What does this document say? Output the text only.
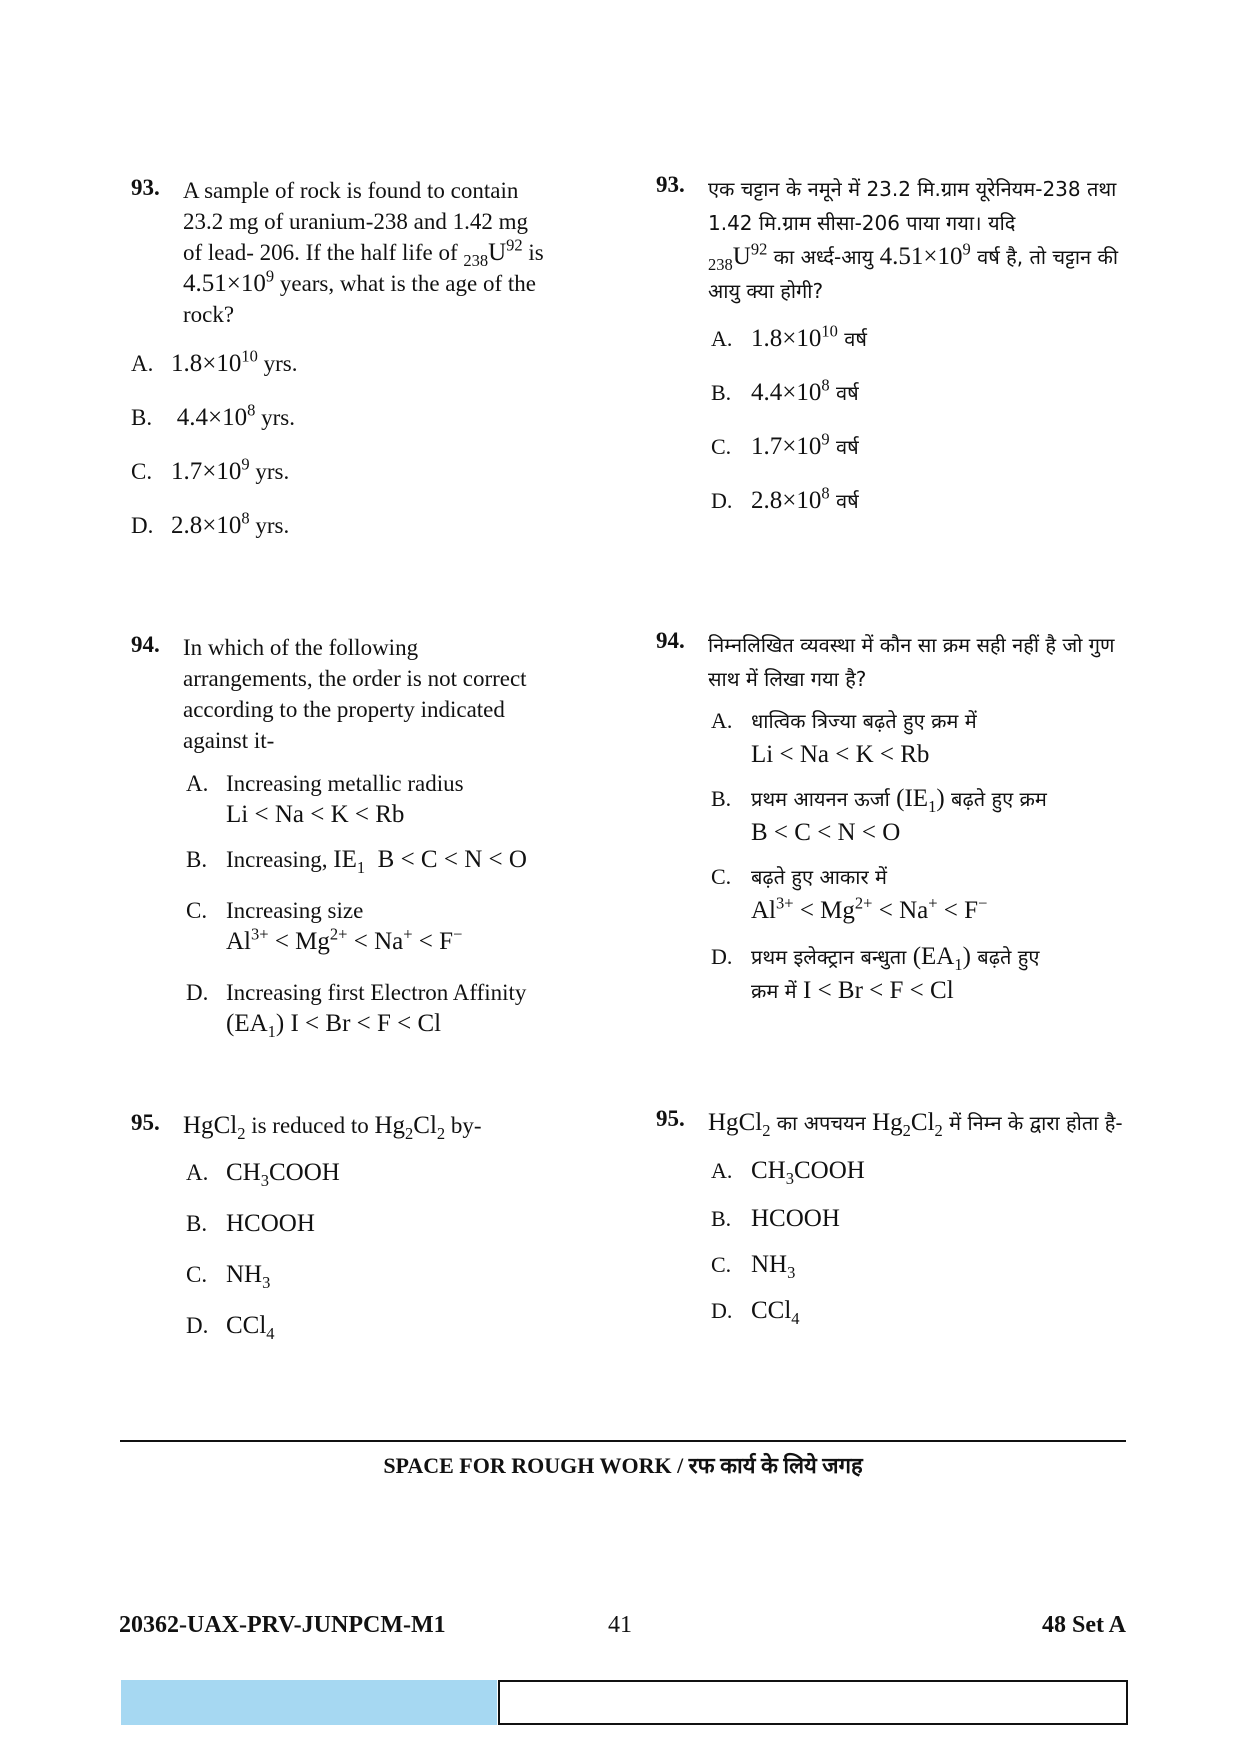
93. A sample of rock is found to contain 23.2 mg of uranium-238 and 1.42 mg of lead- 206. If the half life of $_{238}U^{92}$ is
$4.51\times 10^9$ years, what is the age of the rock?
A. $1.8\times 10^{10}$ yrs.
B. $4.4\times 10^8$ yrs.
C. $1.7\times 10^9$ yrs.
D. $2.8\times 10^8$ yrs.
94. In which of the following arrangements, the order is not correct according to the property indicated against it-
A. Increasing metallic radius
Li < Na < K < Rb
B. Increasing, $IE_1$ B < C < N < O
C. Increasing size
$Al^{3+} < Mg^{2+} < Na^+ < F^-$
D. Increasing first Electron Affinity
$(EA_1) I < Br < F < Cl$
95. HgCl$_2$ is reduced to $Hg_2Cl_2$ by-
A. $CH_3COOH$
B. HCOOH
C. $NH_3$
D. CCl$_4$
93. एक चट्टान के नमूने में 23.2 मि.ग्राम यूरेनियम-238 तथा 1.42 मि.ग्राम सीसा-206 पाया गया। यदि
$_{238}U^{92}$ का अर्ध्द-आयु $4.51\times 10^9$ वर्ष है, तो चट्टान की आयु क्या होगी?
A. $1.8\times 10^{10}$ वर्ष
B. $4.4\times 10^8$ वर्ष
C. $1.7\times 10^9$ वर्ष
D. $2.8\times 10^8$ वर्ष
94. निम्नलिखित व्यवस्था में कौन सा क्रम सही नहीं है जो गुण साथ में लिखा गया है?
A. धात्विक त्रिज्या बढ़ते हुए क्रम में
Li < Na < K < Rb
B. प्रथम आयनन ऊर्जा $(IE_1)$ बढ़ते हुए क्रम
B < C < N < O
C. बढ़ते हुए आकार में
$Al^{3+} < Mg^{2+} < Na^+ < F^-$
D. प्रथम इलेक्ट्रान बन्धुता $(EA_1)$ बढ़ते हुए
क्रम में I < Br < F < Cl
95. HgCl$_2$ का अपचयन $Hg_2Cl_2$ में निम्न के द्वारा होता है-
A. $CH_3COOH$
B. HCOOH
C. $NH_3$
D. CCl$_4$
SPACE FOR ROUGH WORK / रफ कार्य के लिये जगह
20362-UAX-PRV-JUNPCM-M1	41	48 Set A
